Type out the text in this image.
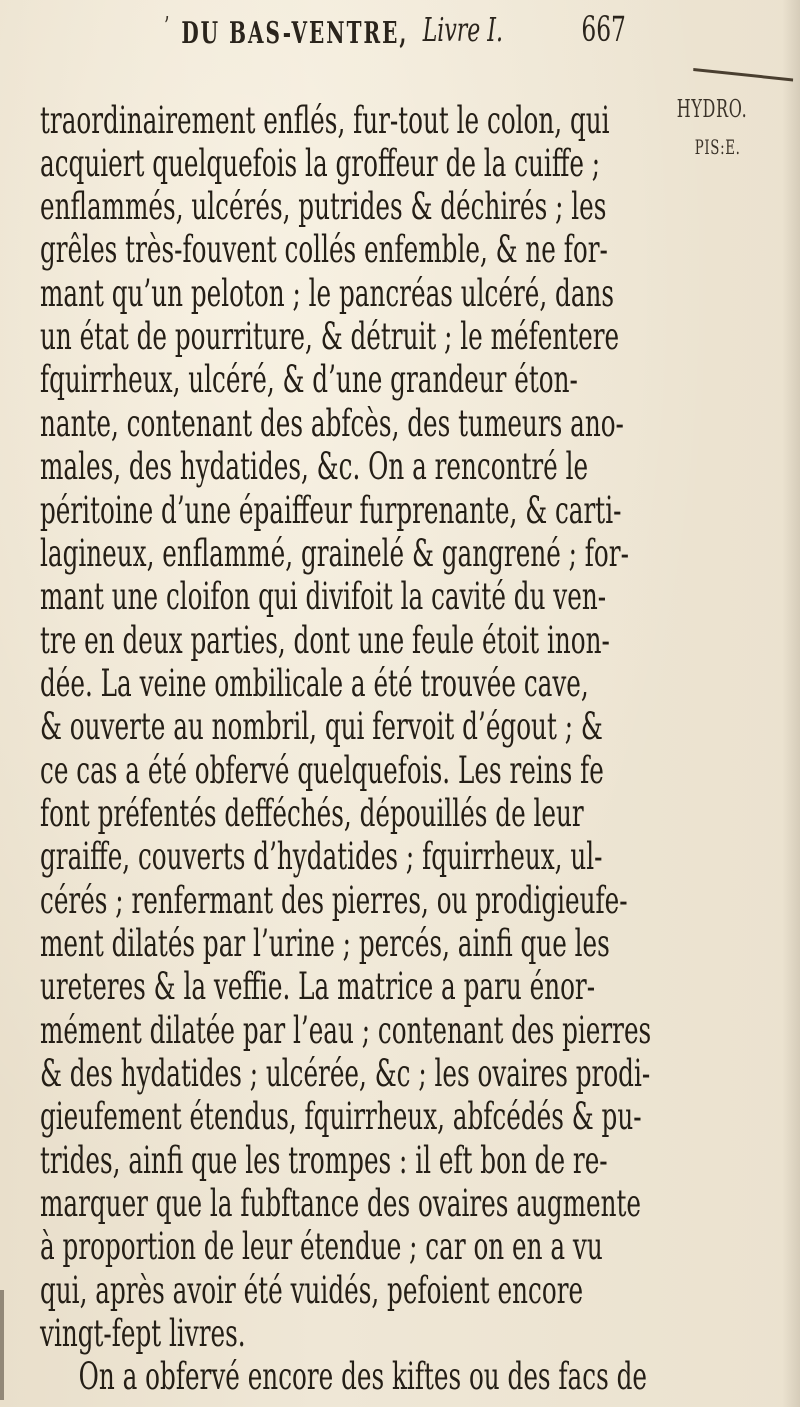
’ DU BAS-VENTRE, Livre I. 667
HYDRO.
PIS:E.
traordinairement enflés, fur-tout le colon, qui
acquiert quelquefois la groffeur de la cuiffe ;
enflammés, ulcérés, putrides & déchirés ; les
grêles très-fouvent collés enfemble, & ne for-
mant qu’un peloton ; le pancréas ulcéré, dans
un état de pourriture, & détruit ; le méfentere
fquirrheux, ulcéré, & d’une grandeur éton-
nante, contenant des abfcès, des tumeurs ano-
males, des hydatides, &c. On a rencontré le
péritoine d’une épaiffeur furprenante, & carti-
lagineux, enflammé, grainelé & gangrené ; for-
mant une cloifon qui divifoit la cavité du ven-
tre en deux parties, dont une feule étoit inon-
dée. La veine ombilicale a été trouvée cave,
& ouverte au nombril, qui fervoit d’égout ; &
ce cas a été obfervé quelquefois. Les reins fe
font préfentés defféchés, dépouillés de leur
graiffe, couverts d’hydatides ; fquirrheux, ul-
cérés ; renfermant des pierres, ou prodigieufe-
ment dilatés par l’urine ; percés, ainfi que les
ureteres & la veffie. La matrice a paru énor-
mément dilatée par l’eau ; contenant des pierres
& des hydatides ; ulcérée, &c ; les ovaires prodi-
gieufement étendus, fquirrheux, abfcédés & pu-
trides, ainfi que les trompes : il eft bon de re-
marquer que la fubftance des ovaires augmente
à proportion de leur étendue ; car on en a vu
qui, après avoir été vuidés, pefoient encore
vingt-fept livres.
On a obfervé encore des kiftes ou des facs de
